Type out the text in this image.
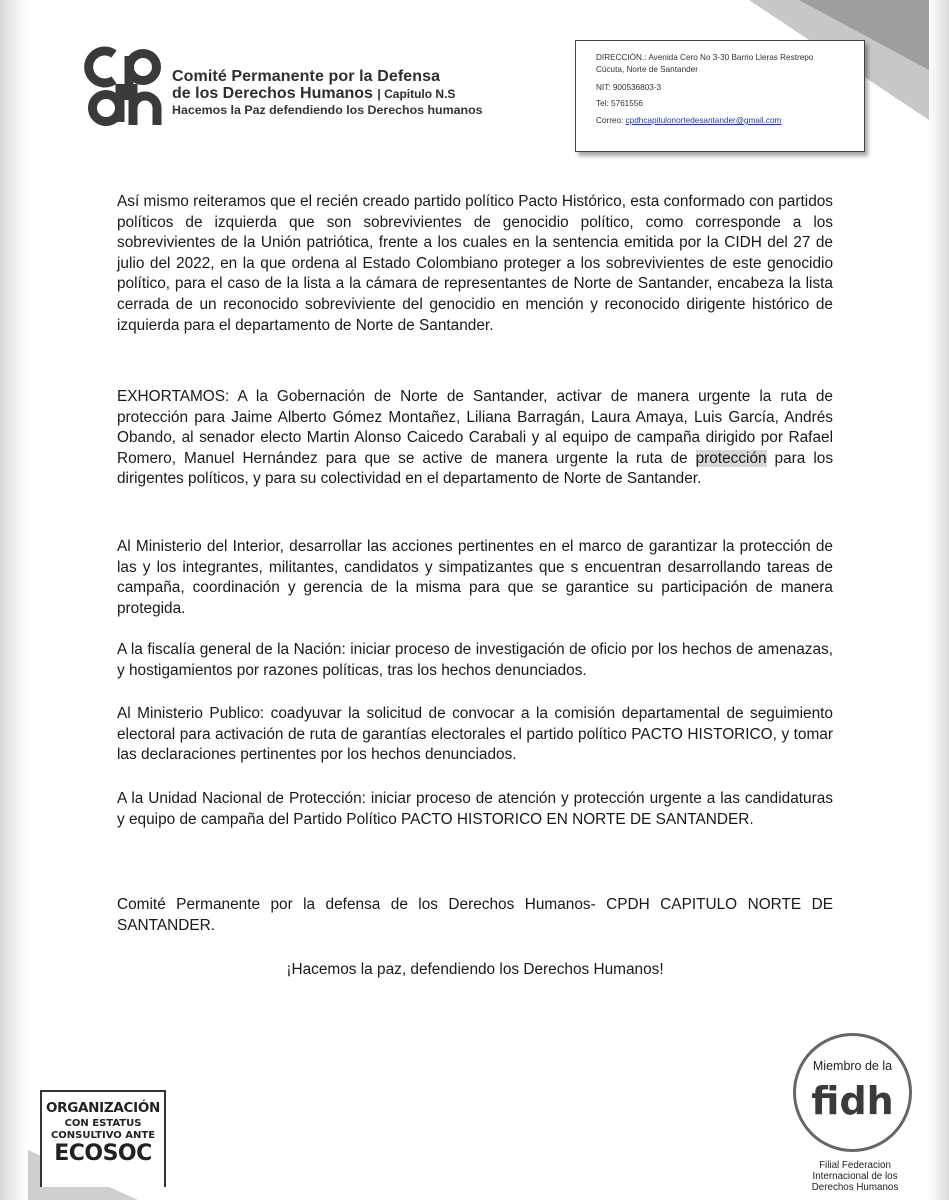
Comité Permanente por la Defensa
de los Derechos Humanos | Capitulo N.S
Hacemos la Paz defendiendo los Derechos humanos
DIRECCIÓN.: Avenida Cero No 3-30 Barrio Lleras Restrepo
Cúcuta, Norte de Santander
NIT: 900536803-3
Tel: 5761556
Correo: cpdhcapitulonortedesantander@gmail.com
Así mismo reiteramos que el recién creado partido político Pacto Histórico, esta conformado con partidos políticos de izquierda que son sobrevivientes de genocidio político, como corresponde a los sobrevivientes de la Unión patriótica, frente a los cuales en la sentencia emitida por la CIDH del 27 de julio del 2022, en la que ordena al Estado Colombiano proteger a los sobrevivientes de este genocidio político, para el caso de la lista a la cámara de representantes de Norte de Santander, encabeza la lista cerrada de un reconocido sobreviviente del genocidio en mención y reconocido dirigente histórico de izquierda para el departamento de Norte de Santander.
EXHORTAMOS: A la Gobernación de Norte de Santander, activar de manera urgente la ruta de protección para Jaime Alberto Gómez Montañez, Liliana Barragán, Laura Amaya, Luis García, Andrés Obando, al senador electo Martin Alonso Caicedo Carabali y al equipo de campaña dirigido por Rafael Romero, Manuel Hernández para que se active de manera urgente la ruta de protección para los dirigentes políticos, y para su colectividad en el departamento de Norte de Santander.
Al Ministerio del Interior, desarrollar las acciones pertinentes en el marco de garantizar la protección de las y los integrantes, militantes, candidatos y simpatizantes que s encuentran desarrollando tareas de campaña, coordinación y gerencia de la misma para que se garantice su participación de manera protegida.
A la fiscalía general de la Nación: iniciar proceso de investigación de oficio por los hechos de amenazas, y hostigamientos por razones políticas, tras los hechos denunciados.
Al Ministerio Publico: coadyuvar la solicitud de convocar a la comisión departamental de seguimiento electoral para activación de ruta de garantías electorales el partido político PACTO HISTORICO, y tomar las declaraciones pertinentes por los hechos denunciados.
A la Unidad Nacional de Protección: iniciar proceso de atención y protección urgente a las candidaturas y equipo de campaña del Partido Político PACTO HISTORICO EN NORTE DE SANTANDER.
Comité Permanente por la defensa de los Derechos Humanos- CPDH CAPITULO NORTE DE SANTANDER.
¡Hacemos la paz, defendiendo los Derechos Humanos!
ORGANIZACIÓN
CON ESTATUS
CONSULTIVO ANTE
ECOSOC
Miembro de la
fidh
Filial Federacion
Internacional de los
Derechos Humanos
